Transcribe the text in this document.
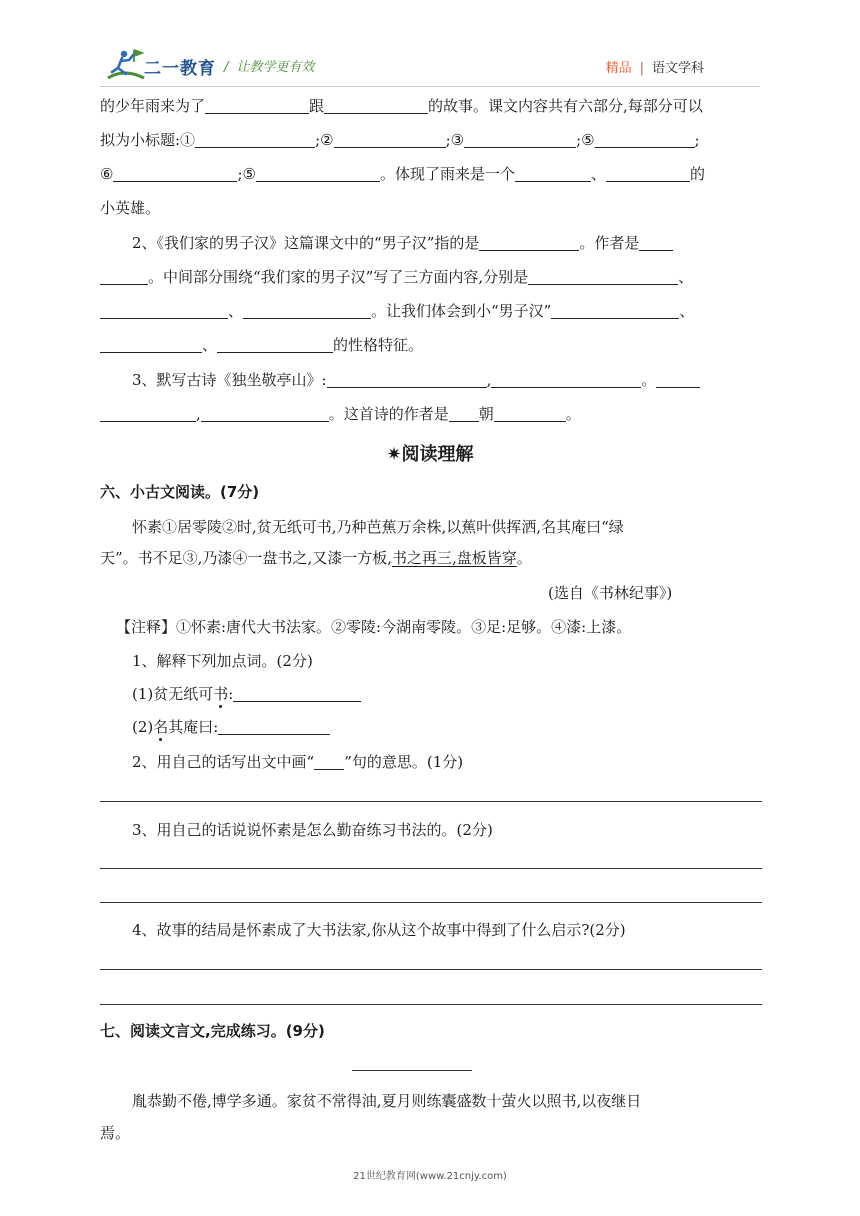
二一教育 / 让教学更有效	精品 | 语文学科
的少年雨来为了	跟	的故事。课文内容共有六部分,每部分可以
拟为小标题:①	;②	;③	;⑤	;
⑥	;⑤	。体现了雨来是一个	、	的
小英雄。
2、《我们家的男子汉》这篇课文中的“男子汉”指的是	。作者是
。中间部分围绕“我们家的男子汉”写了三方面内容,分别是	、
、	。让我们体会到小“男子汉”	、
、	的性格特征。
3、默写古诗《独坐敬亭山》:	,	。
,	。这首诗的作者是 朝	。
✷阅读理解
六、小古文阅读。(7分)
怀素①居零陵②时,贫无纸可书,乃种芭蕉万余株,以蕉叶供挥洒,名其庵曰“绿
天”。书不足③,乃漆④一盘书之,又漆一方板,书之再三,盘板皆穿。
(选自《书林纪事》)
【注释】①怀素:唐代大书法家。②零陵:今湖南零陵。③足:足够。④漆:上漆。
1、解释下列加点词。(2分)
(1)贫无纸可书:
(2)名其庵曰:
2、用自己的话写出文中画“ ”句的意思。(1分)
3、用自己的话说说怀素是怎么勤奋练习书法的。(2分)
4、故事的结局是怀素成了大书法家,你从这个故事中得到了什么启示?(2分)
七、阅读文言文,完成练习。(9分)
胤恭勤不倦,博学多通。家贫不常得油,夏月则练囊盛数十萤火以照书,以夜继日
焉。
21世纪教育网(www.21cnjy.com)
